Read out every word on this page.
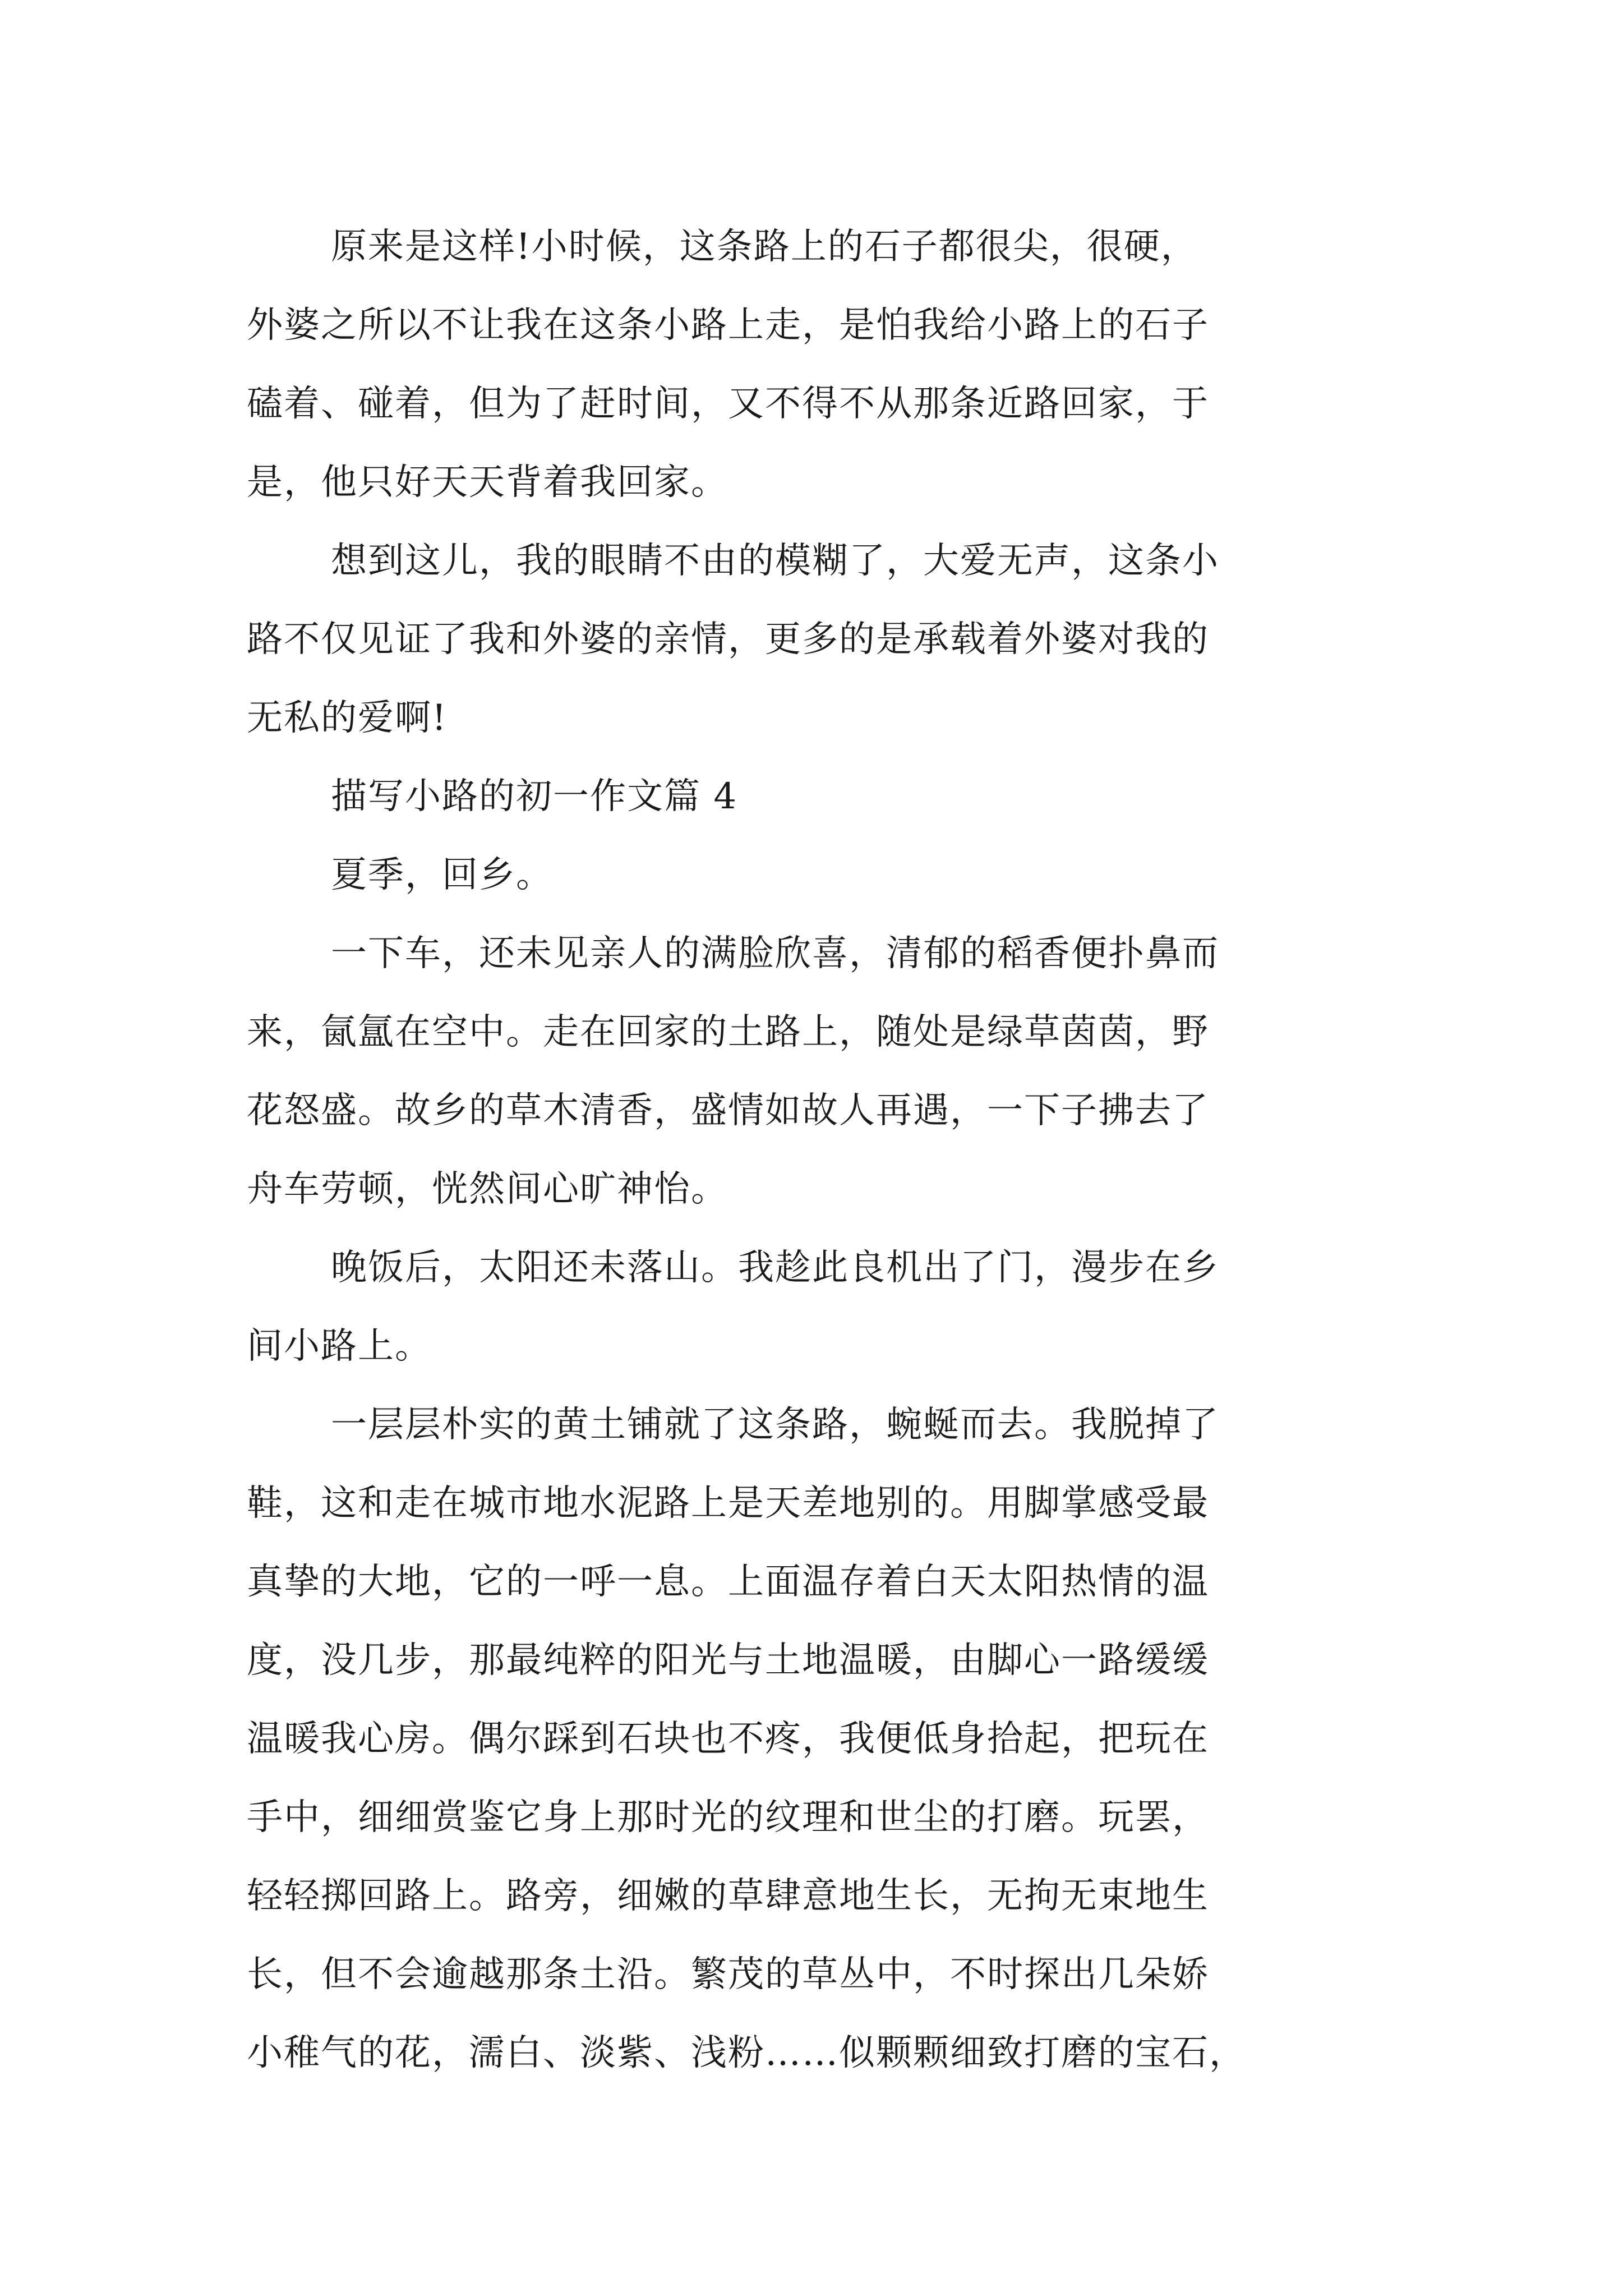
原来是这样!小时候，这条路上的石子都很尖，很硬，
外婆之所以不让我在这条小路上走，是怕我给小路上的石子
磕着、碰着，但为了赶时间，又不得不从那条近路回家，于
是，他只好天天背着我回家。
想到这儿，我的眼睛不由的模糊了，大爱无声，这条小
路不仅见证了我和外婆的亲情，更多的是承载着外婆对我的
无私的爱啊!
描写小路的初一作文篇 4
夏季，回乡。
一下车，还未见亲人的满脸欣喜，清郁的稻香便扑鼻而
来，氤氲在空中。走在回家的土路上，随处是绿草茵茵，野
花怒盛。故乡的草木清香，盛情如故人再遇，一下子拂去了
舟车劳顿，恍然间心旷神怡。
晚饭后，太阳还未落山。我趁此良机出了门，漫步在乡
间小路上。
一层层朴实的黄土铺就了这条路，蜿蜒而去。我脱掉了
鞋，这和走在城市地水泥路上是天差地别的。用脚掌感受最
真挚的大地，它的一呼一息。上面温存着白天太阳热情的温
度，没几步，那最纯粹的阳光与土地温暖，由脚心一路缓缓
温暖我心房。偶尔踩到石块也不疼，我便低身拾起，把玩在
手中，细细赏鉴它身上那时光的纹理和世尘的打磨。玩罢，
轻轻掷回路上。路旁，细嫩的草肆意地生长，无拘无束地生
长，但不会逾越那条土沿。繁茂的草丛中，不时探出几朵娇
小稚气的花，濡白、淡紫、浅粉……似颗颗细致打磨的宝石，
